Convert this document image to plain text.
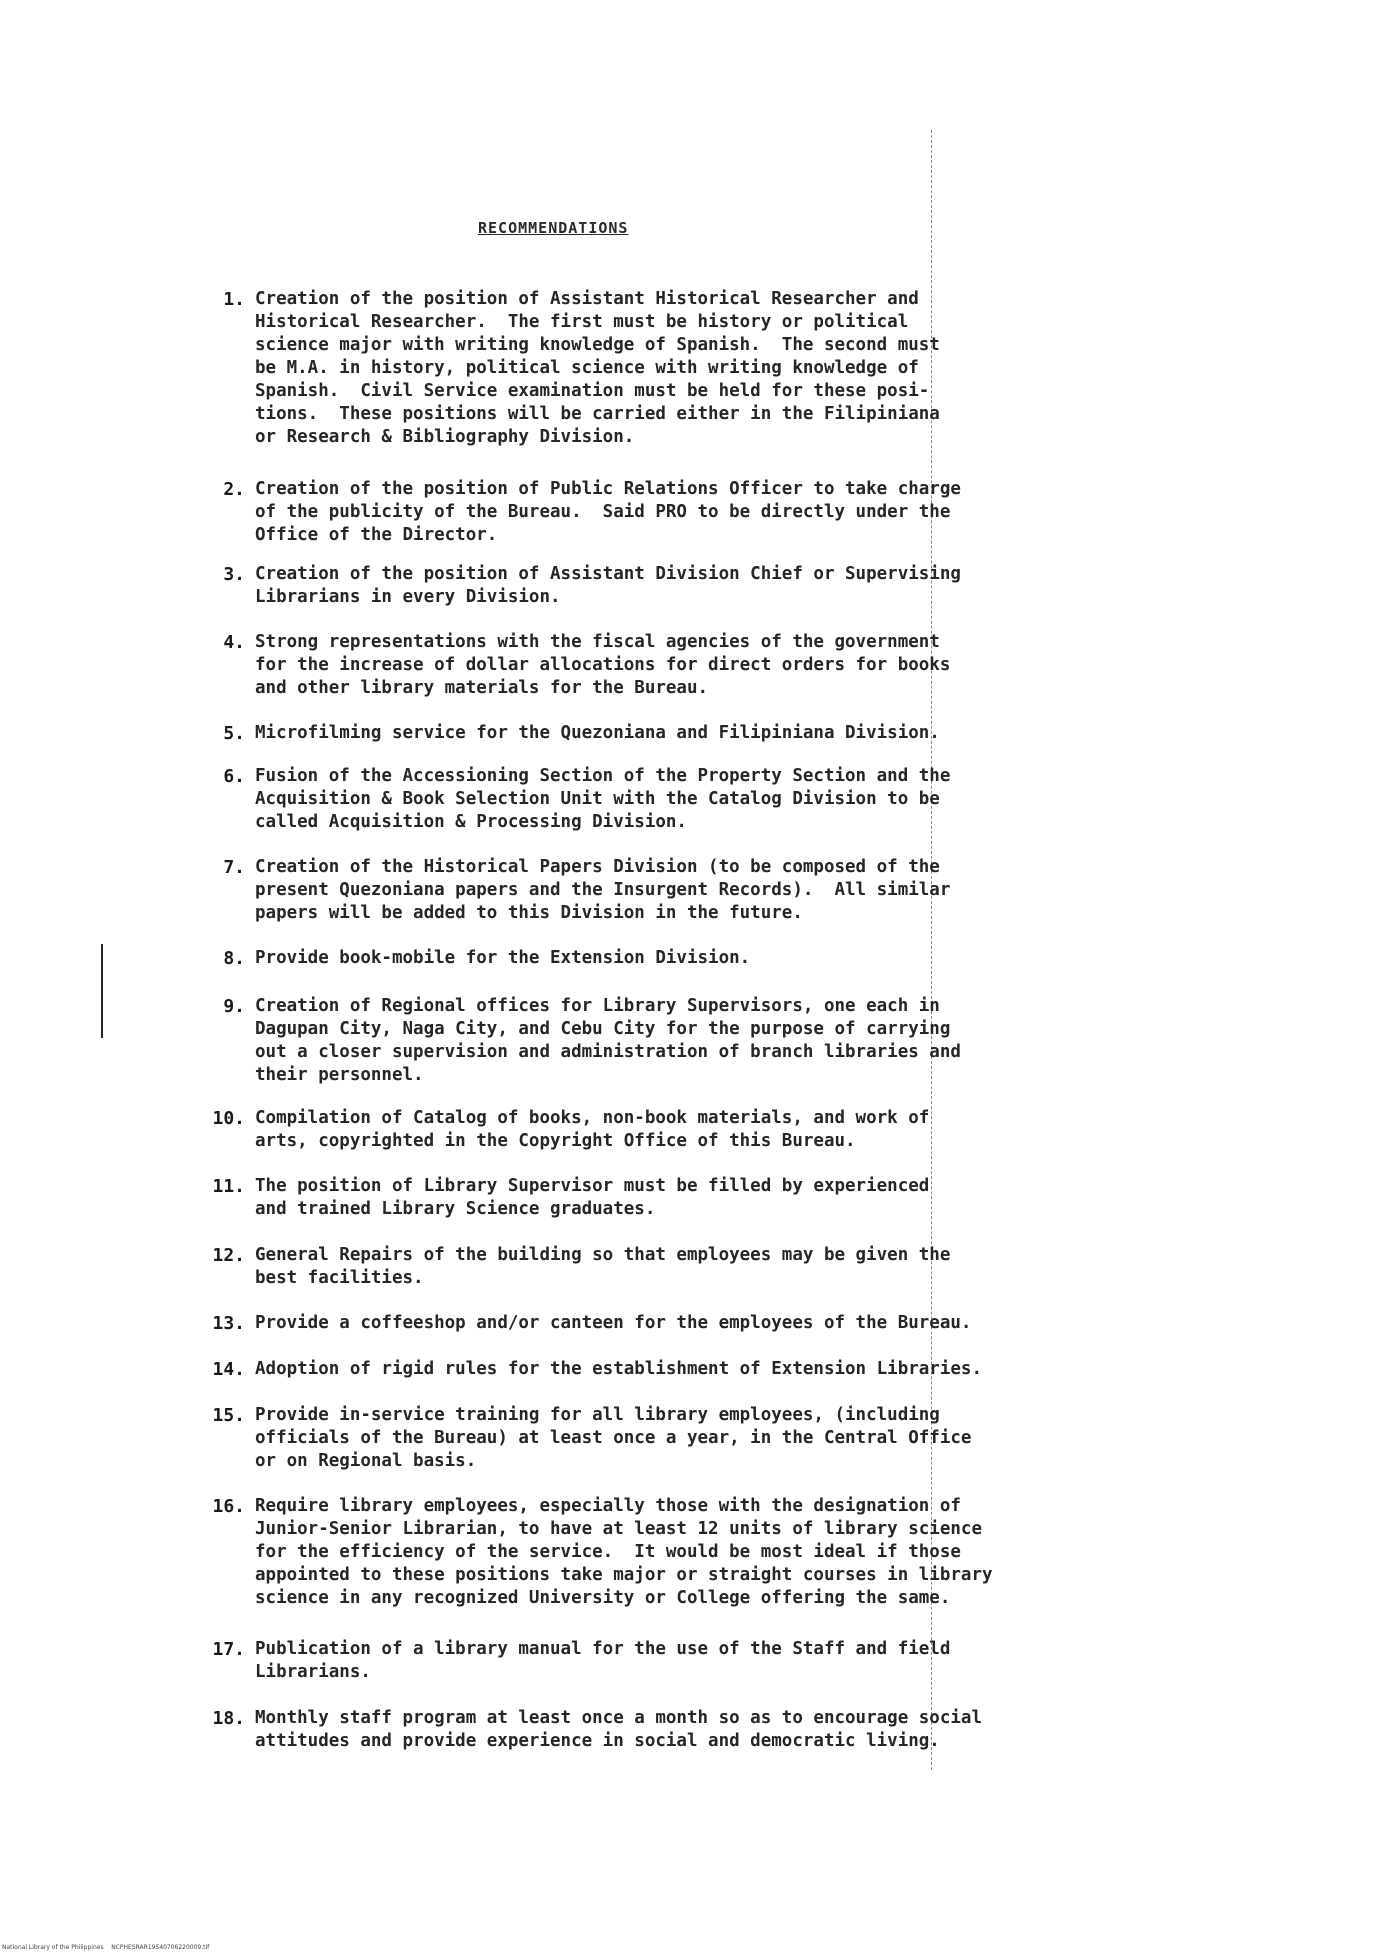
RECOMMENDATIONS
1. Creation of the position of Assistant Historical Researcher and
Historical Researcher.  The first must be history or political
science major with writing knowledge of Spanish.  The second must
be M.A. in history, political science with writing knowledge of
Spanish.  Civil Service examination must be held for these posi-
tions.  These positions will be carried either in the Filipiniana
or Research & Bibliography Division.
2. Creation of the position of Public Relations Officer to take charge
of the publicity of the Bureau.  Said PRO to be directly under the
Office of the Director.
3. Creation of the position of Assistant Division Chief or Supervising
Librarians in every Division.
4. Strong representations with the fiscal agencies of the government
for the increase of dollar allocations for direct orders for books
and other library materials for the Bureau.
5. Microfilming service for the Quezoniana and Filipiniana Division.
6. Fusion of the Accessioning Section of the Property Section and the
Acquisition & Book Selection Unit with the Catalog Division to be
called Acquisition & Processing Division.
7. Creation of the Historical Papers Division (to be composed of the
present Quezoniana papers and the Insurgent Records).  All similar
papers will be added to this Division in the future.
8. Provide book-mobile for the Extension Division.
9. Creation of Regional offices for Library Supervisors, one each in
Dagupan City, Naga City, and Cebu City for the purpose of carrying
out a closer supervision and administration of branch libraries and
their personnel.
10. Compilation of Catalog of books, non-book materials, and work of
arts, copyrighted in the Copyright Office of this Bureau.
11. The position of Library Supervisor must be filled by experienced
and trained Library Science graduates.
12. General Repairs of the building so that employees may be given the
best facilities.
13. Provide a coffeeshop and/or canteen for the employees of the Bureau.
14. Adoption of rigid rules for the establishment of Extension Libraries.
15. Provide in-service training for all library employees, (including
officials of the Bureau) at least once a year, in the Central Office
or on Regional basis.
16. Require library employees, especially those with the designation of
Junior-Senior Librarian, to have at least 12 units of library science
for the efficiency of the service.  It would be most ideal if those
appointed to these positions take major or straight courses in library
science in any recognized University or College offering the same.
17. Publication of a library manual for the use of the Staff and field
Librarians.
18. Monthly staff program at least once a month so as to encourage social
attitudes and provide experience in social and democratic living.
National Library of the Philippines    NCPHESRAR19540706220009.tif
